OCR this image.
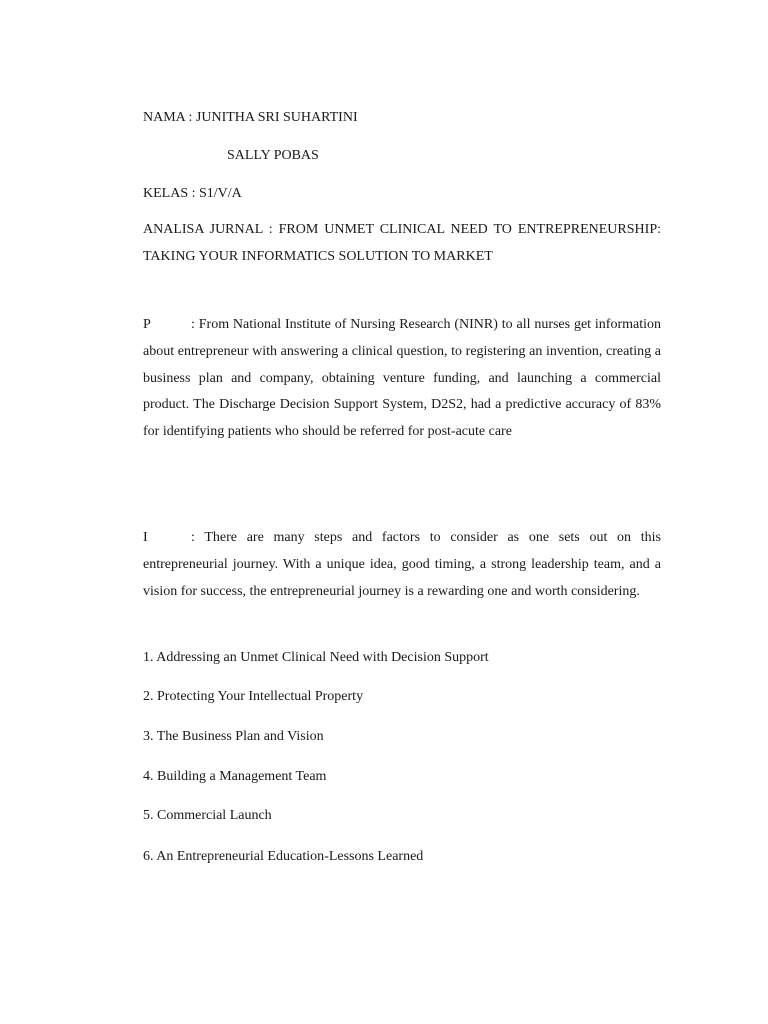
NAMA : JUNITHA SRI SUHARTINI
SALLY POBAS
KELAS : S1/V/A
ANALISA JURNAL : FROM UNMET CLINICAL NEED TO ENTREPRENEURSHIP: TAKING YOUR INFORMATICS SOLUTION TO MARKET
P	: From National Institute of Nursing Research (NINR) to all nurses get information about entrepreneur with answering a clinical question, to registering an invention, creating a business plan and company, obtaining venture funding, and launching a commercial product. The Discharge Decision Support System, D2S2, had a predictive accuracy of 83% for identifying patients who should be referred for post-acute care
I	: There are many steps and factors to consider as one sets out on this entrepreneurial journey. With a unique idea, good timing, a strong leadership team, and a vision for success, the entrepreneurial journey is a rewarding one and worth considering.
1. Addressing an Unmet Clinical Need with Decision Support
2. Protecting Your Intellectual Property
3. The Business Plan and Vision
4. Building a Management Team
5. Commercial Launch
6. An Entrepreneurial Education-Lessons Learned
